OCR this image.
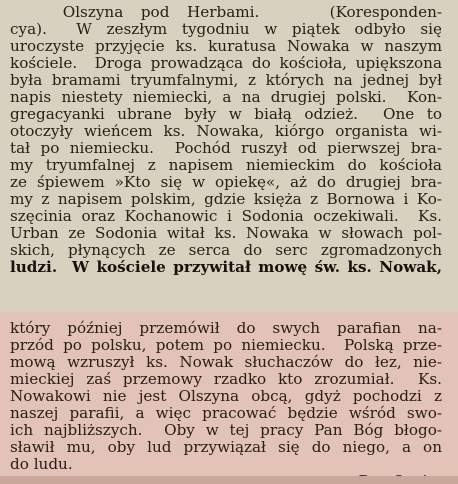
Olszyna pod Herbami.    (Koresponden-
cya).  W zeszłym tygodniu w piątek odbyło się
uroczyste przyjęcie ks. kuratusa Nowaka w naszym
kościele.  Droga prowadząca do kościoła, upiększona
była bramami tryumfalnymi, z których na jednej był
napis niestety niemiecki, a na drugiej polski.  Kon-
gregacyanki ubrane były w białą odzież.  One to
otoczyły wieńcem ks. Nowaka, kiórgo organista wi-
tał po niemiecku.  Pochód ruszył od pierwszej bra-
my tryumfalnej z napisem niemieckim do kościoła
ze śpiewem »Kto się w opiekę«, aż do drugiej bra-
my z napisem polskim, gdzie księża z Bornowa i Ko-
szęcinia oraz Kochanowic i Sodonia oczekiwali.  Ks.
Urban ze Sodonia witał ks. Nowaka w słowach pol-
skich, płynących ze serca do serc zgromadzonych
ludzi.  W kościele przywitał mowę św. ks. Nowak,
który później przemówił do swych parafian na-
przód po polsku, potem po niemiecku.  Polską prze-
mową wzruszył ks. Nowak słuchaczów do łez, nie-
mieckiej zaś przemowy rzadko kto zrozumiał.  Ks.
Nowakowi nie jest Olszyna obcą, gdyż pochodzi z
naszej parafii, a więc pracować będzie wśród swo-
ich najbliższych.  Oby w tej pracy Pan Bóg błogo-
sławił mu, oby lud przywiązał się do niego, a on
do ludu.
